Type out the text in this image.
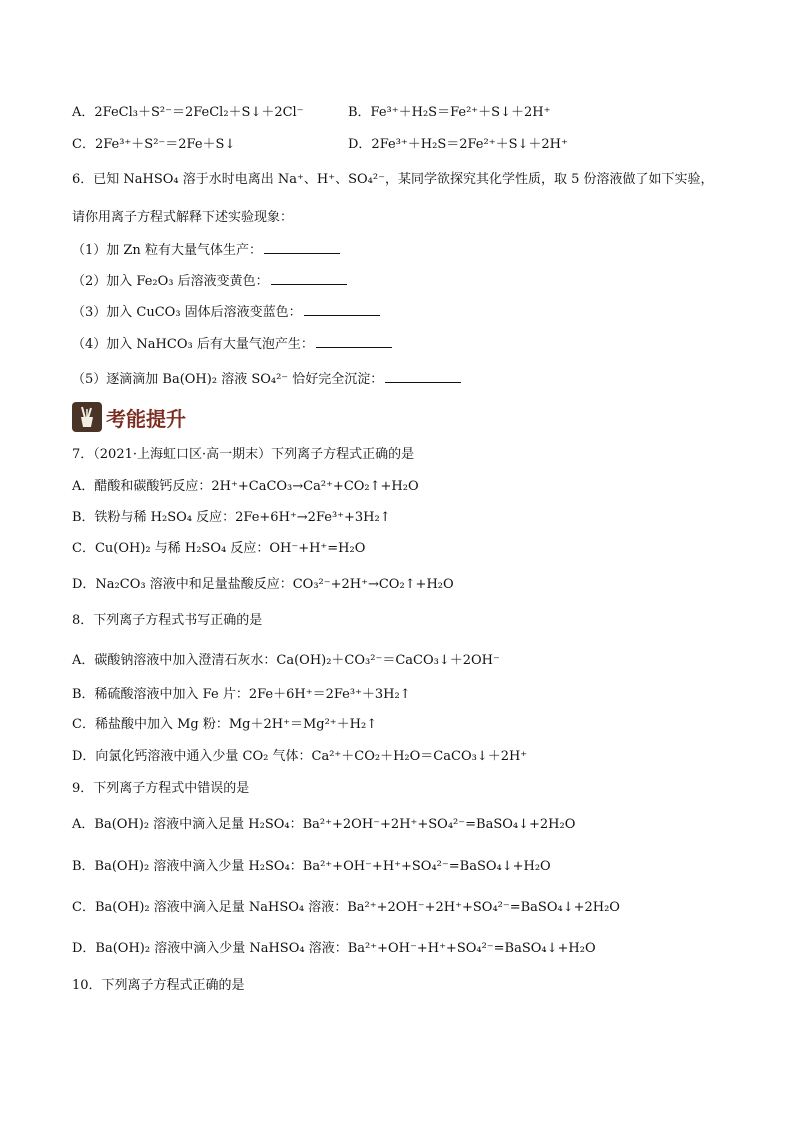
A．2FeCl₃＋S²⁻＝2FeCl₂＋S↓＋2Cl⁻	B．Fe³⁺＋H₂S＝Fe²⁺＋S↓＋2H⁺
C．2Fe³⁺＋S²⁻＝2Fe＋S↓	D．2Fe³⁺＋H₂S＝2Fe²⁺＋S↓＋2H⁺
6．已知 NaHSO₄ 溶于水时电离出 Na⁺、H⁺、SO₄²⁻，某同学欲探究其化学性质，取 5 份溶液做了如下实验，
请你用离子方程式解释下述实验现象：
（1）加 Zn 粒有大量气体生产：
（2）加入 Fe₂O₃ 后溶液变黄色：
（3）加入 CuCO₃ 固体后溶液变蓝色：
（4）加入 NaHCO₃ 后有大量气泡产生：
（5）逐滴滴加 Ba(OH)₂ 溶液 SO₄²⁻ 恰好完全沉淀：
考能提升
7．（2021·上海虹口区·高一期末）下列离子方程式正确的是
A．醋酸和碳酸钙反应：2H⁺+CaCO₃→Ca²⁺+CO₂↑+H₂O
B．铁粉与稀 H₂SO₄ 反应：2Fe+6H⁺→2Fe³⁺+3H₂↑
C．Cu(OH)₂ 与稀 H₂SO₄ 反应：OH⁻+H⁺=H₂O
D．Na₂CO₃ 溶液中和足量盐酸反应：CO₃²⁻+2H⁺→CO₂↑+H₂O
8．下列离子方程式书写正确的是
A．碳酸钠溶液中加入澄清石灰水：Ca(OH)₂＋CO₃²⁻＝CaCO₃↓＋2OH⁻
B．稀硫酸溶液中加入 Fe 片：2Fe＋6H⁺＝2Fe³⁺＋3H₂↑
C．稀盐酸中加入 Mg 粉：Mg＋2H⁺＝Mg²⁺＋H₂↑
D．向氯化钙溶液中通入少量 CO₂ 气体：Ca²⁺＋CO₂＋H₂O＝CaCO₃↓＋2H⁺
9．下列离子方程式中错误的是
A．Ba(OH)₂ 溶液中滴入足量 H₂SO₄：Ba²⁺+2OH⁻+2H⁺+SO₄²⁻=BaSO₄↓+2H₂O
B．Ba(OH)₂ 溶液中滴入少量 H₂SO₄：Ba²⁺+OH⁻+H⁺+SO₄²⁻=BaSO₄↓+H₂O
C．Ba(OH)₂ 溶液中滴入足量 NaHSO₄ 溶液：Ba²⁺+2OH⁻+2H⁺+SO₄²⁻=BaSO₄↓+2H₂O
D．Ba(OH)₂ 溶液中滴入少量 NaHSO₄ 溶液：Ba²⁺+OH⁻+H⁺+SO₄²⁻=BaSO₄↓+H₂O
10．下列离子方程式正确的是
